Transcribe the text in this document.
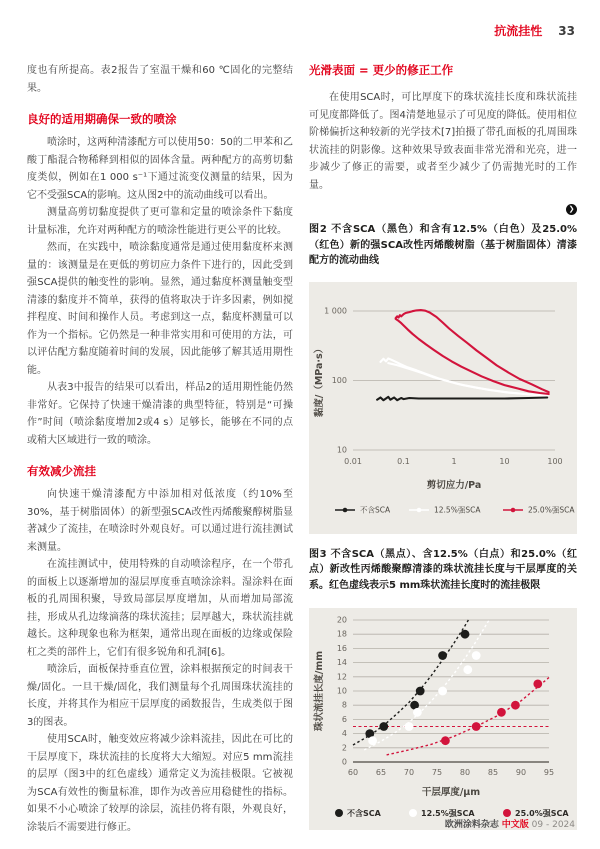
抗流挂性 33

度也有所提高。表2报告了室温干燥和60 ℃固化的完整结果。

良好的适用期确保一致的喷涂

喷涂时，这两种清漆配方可以使用50：50的二甲苯和乙酸丁酯混合物稀释到相似的固体含量。两种配方的高剪切黏度类似，例如在1 000 s⁻¹下通过流变仪测量的结果，因为它不受强SCA的影响。这从图2中的流动曲线可以看出。

测量高剪切黏度提供了更可靠和定量的喷涂条件下黏度计量标准，允许对两种配方的喷涂性能进行更公平的比较。

然而，在实践中，喷涂黏度通常是通过使用黏度杯来测量的：该测量是在更低的剪切应力条件下进行的，因此受到强SCA提供的触变性的影响。显然，通过黏度杯测量触变型清漆的黏度并不简单，获得的值将取决于许多因素，例如搅拌程度、时间和操作人员。考虑到这一点，黏度杯测量可以作为一个指标。它仍然是一种非常实用和可使用的方法，可以评估配方黏度随着时间的发展，因此能够了解其适用期性能。

从表3中报告的结果可以看出，样品2的适用期性能仍然非常好。它保持了快速干燥清漆的典型特征，特别是“可操作”时间（喷涂黏度增加2或4 s）足够长，能够在不同的点或稍大区域进行一致的喷涂。

有效减少流挂

向快速干燥清漆配方中添加相对低浓度（约10%至30%，基于树脂固体）的新型强SCA改性丙烯酸聚醇树脂显著减少了流挂，在喷涂时外观良好。可以通过进行流挂测试来测量。

在流挂测试中，使用特殊的自动喷涂程序，在一个带孔的面板上以逐渐增加的湿层厚度垂直喷涂涂料。湿涂料在面板的孔周围积聚，导致局部层厚度增加，从而增加局部流挂，形成从孔边缘滴落的珠状流挂；层厚越大，珠状流挂就越长。这种现象也称为框架，通常出现在面板的边缘或保险杠之类的部件上，它们有很多锐角和孔洞[6]。

喷涂后，面板保持垂直位置，涂料根据预定的时间表干燥/固化。一旦干燥/固化，我们测量每个孔周围珠状流挂的长度，并将其作为相应干层厚度的函数报告，生成类似于图3的图表。

使用SCA时，触变效应将减少涂料流挂，因此在可比的干层厚度下，珠状流挂的长度将大大缩短。对应5 mm流挂的层厚（图3中的红色虚线）通常定义为流挂极限。它被视为SCA有效性的衡量标准，即作为改善应用稳健性的指标。如果不小心喷涂了较厚的涂层，流挂仍将有限，外观良好，涂装后不需要进行修正。

光滑表面 = 更少的修正工作

在使用SCA时，可比厚度下的珠状流挂长度和珠状流挂可见度都降低了。图4清楚地显示了可见度的降低。使用相位阶梯偏折这种较新的光学技术[7]拍摄了带孔面板的孔周围珠状流挂的阴影像。这种效果导致表面非常光滑和光亮，进一步减少了修正的需要，或者至少减少了仍需抛光时的工作量。

❯

图2 不含SCA（黑色）和含有12.5%（白色）及25.0%（红色）新的强SCA改性丙烯酸树脂（基于树脂固体）清漆配方的流动曲线

10
100
1 000
0.01	0.1	1	10	100
剪切应力/Pa
黏度/（MPa·s）
不含SCA	12.5%强SCA	25.0%强SCA

图3 不含SCA（黑点）、含12.5%（白点）和25.0%（红点）新改性丙烯酸聚醇清漆的珠状流挂长度与干层厚度的关系。红色虚线表示5 mm珠状流挂长度时的流挂极限

0
2
4
6
8
10
12
14
16
18
20
60 65 70 75 80 85 90 95
干层厚度/μm
珠状流挂长度/mm
不含SCA	12.5%强SCA	25.0%强SCA
欧洲涂料杂志 中文版 09 - 2024
